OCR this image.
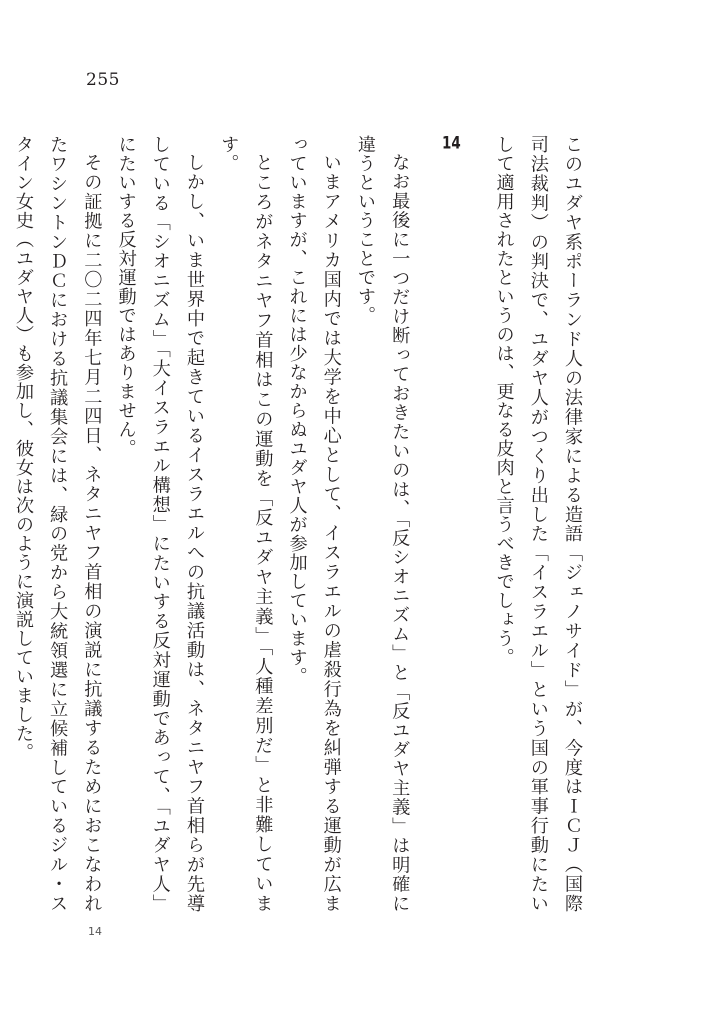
255

このユダヤ系ポーランド人の法律家による造語「ジェノサイド」が、今度はＩＣＪ（国際司法裁判）の判決で、ユダヤ人がつくり出した「イスラエル」という国の軍事行動にたいして適用されたというのは、更なる皮肉と言うべきでしょう。

14

なお最後に一つだけ断っておきたいのは、「反シオニズム」と「反ユダヤ主義」は明確に違うということです。

いまアメリカ国内では大学を中心として、イスラエルの虐殺行為を糾弾する運動が広まっていますが、これには少なからぬユダヤ人が参加しています。

ところがネタニヤフ首相はこの運動を「反ユダヤ主義」「人種差別だ」と非難しています。

しかし、いま世界中で起きているイスラエルへの抗議活動は、ネタニヤフ首相らが先導している「シオニズム」「大イスラエル構想」にたいする反対運動であって、「ユダヤ人」にたいする反対運動ではありません。

その証拠に二〇二四年七月二四日、ネタニヤフ首相の演説に抗議するためにおこなわれたワシントンＤＣにおける抗議集会には、緑の党から大統領選に立候補しているジル・スタイン女史（ユダヤ人）も参加し、彼女は次のように演説していました。

14
